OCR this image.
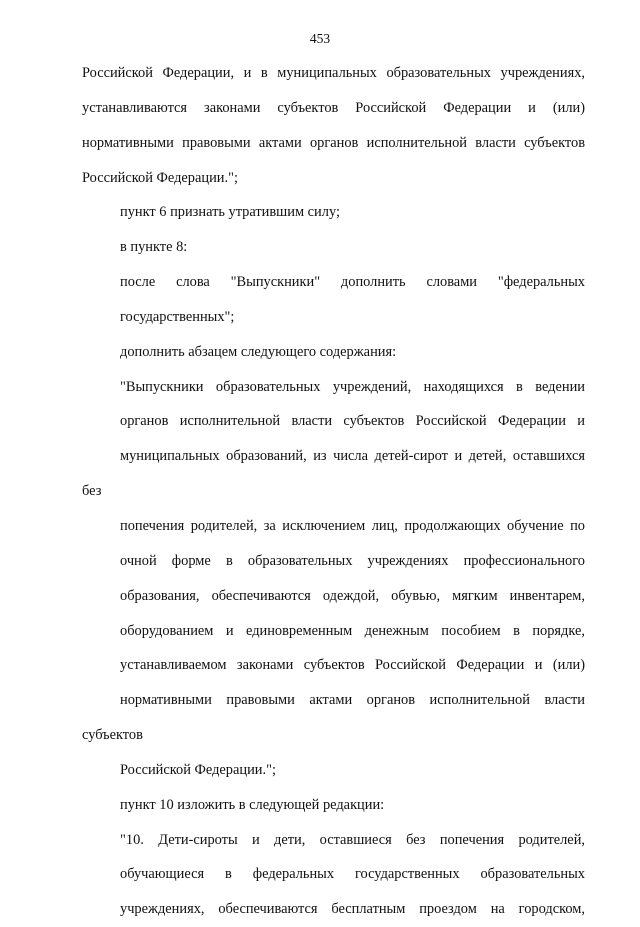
453

Российской Федерации, и в муниципальных образовательных учреждениях,
устанавливаются законами субъектов Российской Федерации и (или)
нормативными правовыми актами органов исполнительной власти субъектов
Российской Федерации.";

пункт 6 признать утратившим силу;

в пункте 8:

после слова "Выпускники" дополнить словами "федеральных
государственных";

дополнить абзацем следующего содержания:

"Выпускники образовательных учреждений, находящихся в ведении
органов исполнительной власти субъектов Российской Федерации и
муниципальных образований, из числа детей-сирот и детей, оставшихся без
попечения родителей, за исключением лиц, продолжающих обучение по
очной форме в образовательных учреждениях профессионального
образования, обеспечиваются одеждой, обувью, мягким инвентарем,
оборудованием и единовременным денежным пособием в порядке,
устанавливаемом законами субъектов Российской Федерации и (или)
нормативными правовыми актами органов исполнительной власти субъектов
Российской Федерации.";

пункт 10 изложить в следующей редакции:

"10. Дети-сироты и дети, оставшиеся без попечения родителей,
обучающиеся в федеральных государственных образовательных
учреждениях, обеспечиваются бесплатным проездом на городском,
